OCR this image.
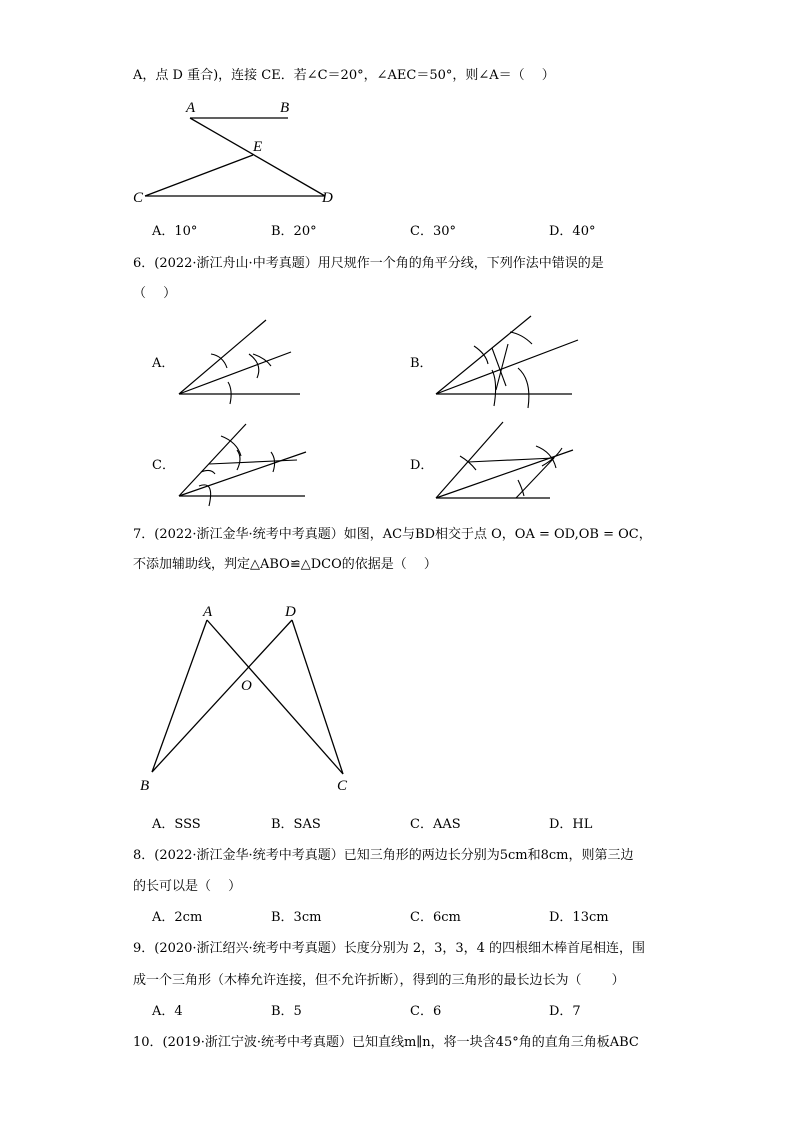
A，点 D 重合)，连接 CE．若∠C＝20°，∠AEC＝50°，则∠A＝（　 ）
A	B
E
C	D
A．10°	B．20°	C．30°	D．40°
6．(2022·浙江舟山·中考真题）用尺规作一个角的角平分线，下列作法中错误的是
（　 ）
A．	B．
C．	D．
7．(2022·浙江金华·统考中考真题）如图，AC与BD相交于点 O，OA = OD,OB = OC，
不添加辅助线，判定△ABO≌△DCO的依据是（　 ）
A	D
O
B	C
A．SSS	B．SAS	C．AAS	D．HL
8．(2022·浙江金华·统考中考真题）已知三角形的两边长分别为5cm和8cm，则第三边
的长可以是（　 ）
A．2cm	B．3cm	C．6cm	D．13cm
9．(2020·浙江绍兴·统考中考真题）长度分别为 2，3，3，4 的四根细木棒首尾相连，围
成一个三角形（木棒允许连接，但不允许折断），得到的三角形的最长边长为（　 　）
A．4	B．5	C．6	D．7
10．(2019·浙江宁波·统考中考真题）已知直线m∥n，将一块含45°角的直角三角板ABC
